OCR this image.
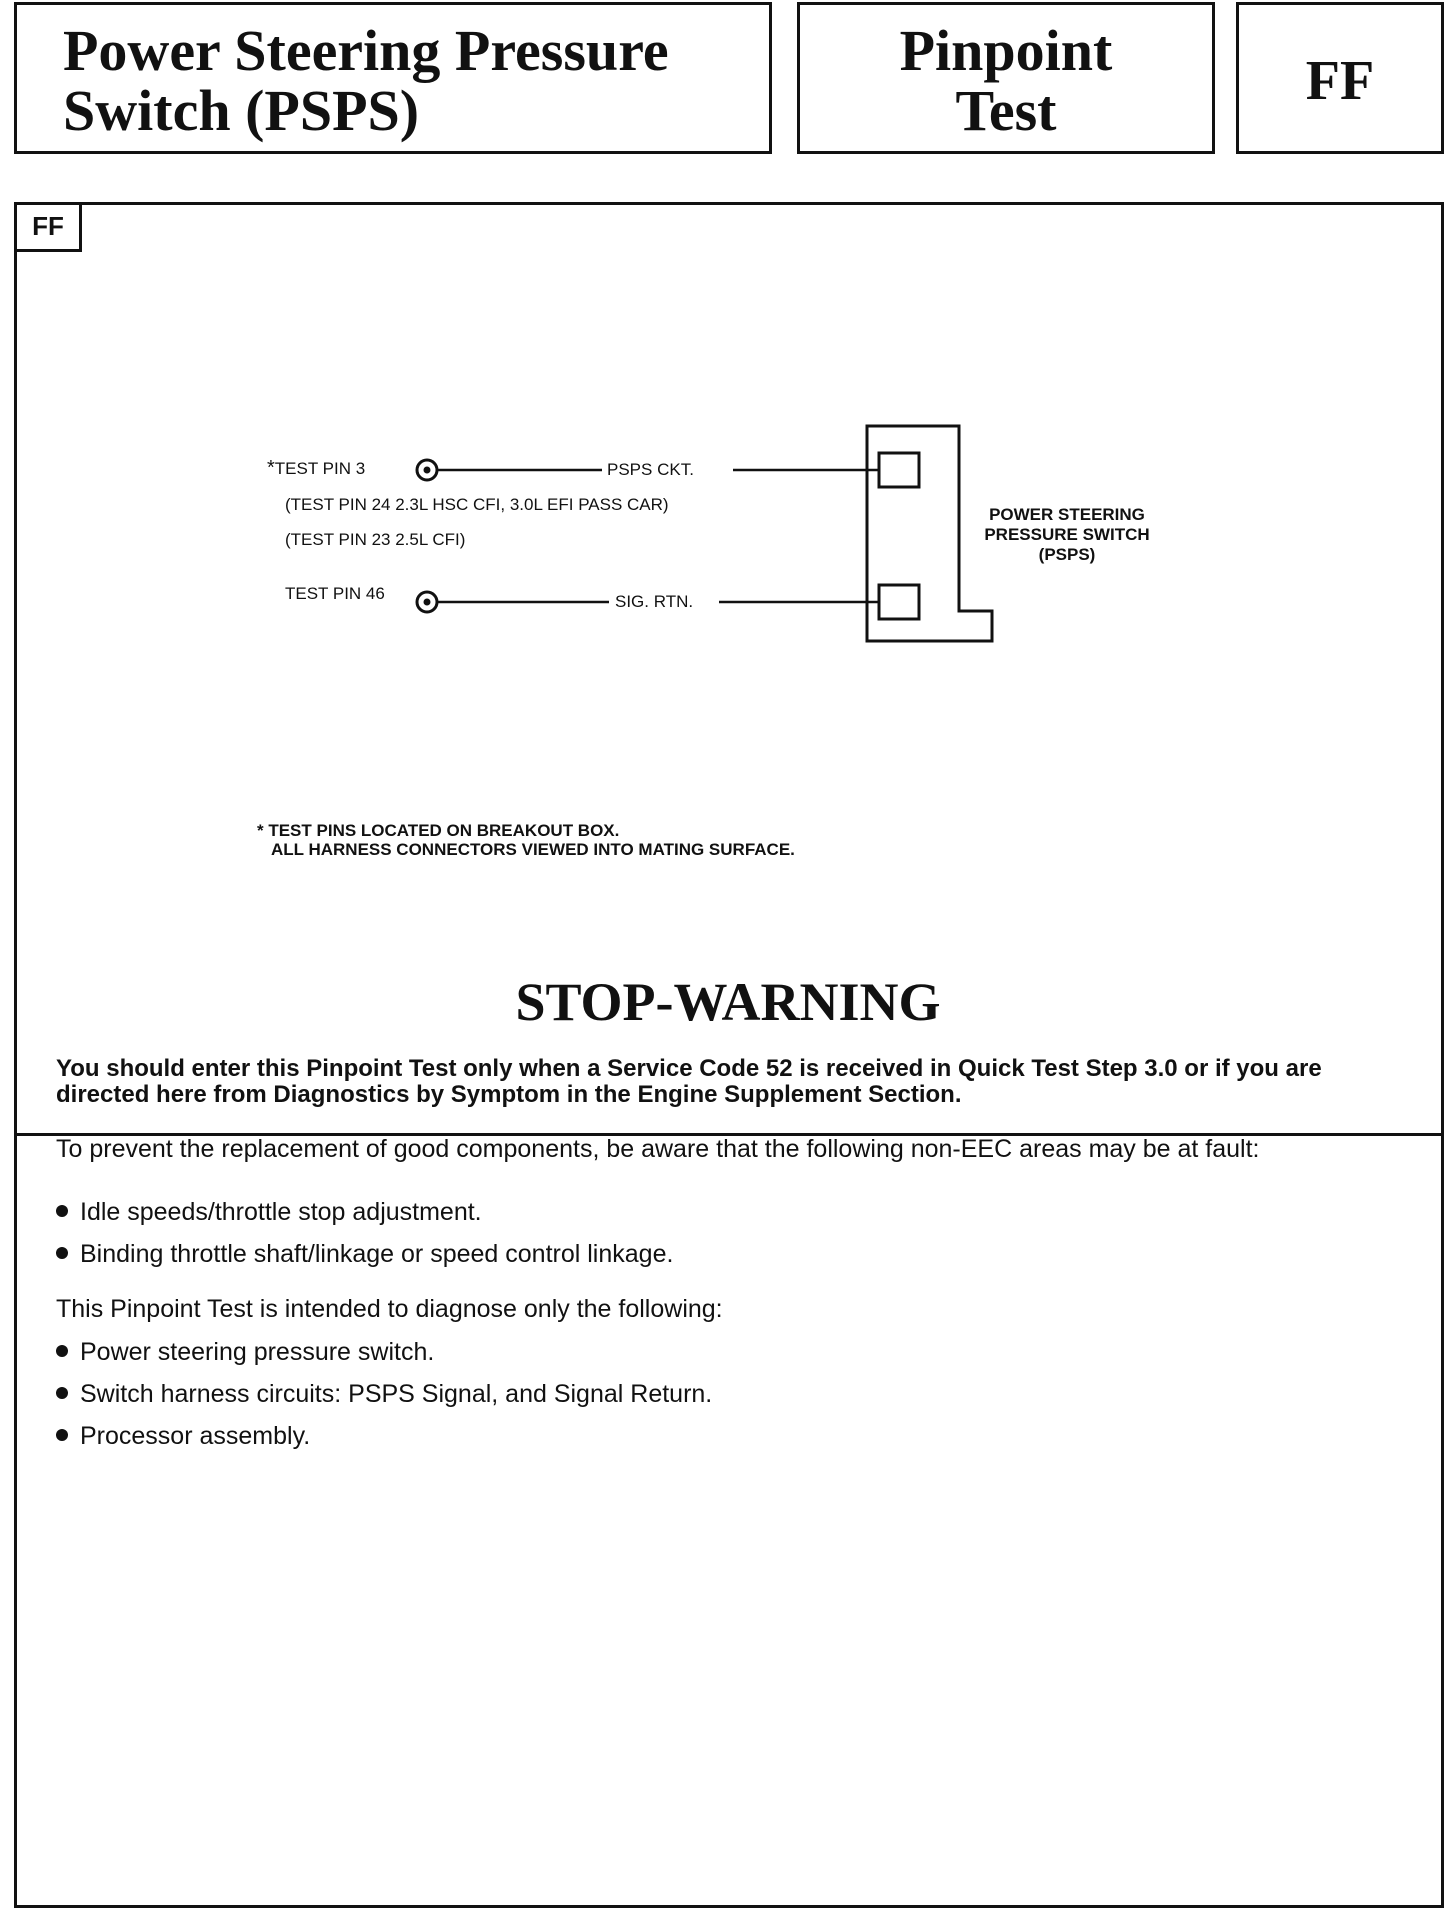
Power Steering Pressure
Switch (PSPS)
Pinpoint
Test	FF
FF
*TEST PIN 3	PSPS CKT.
(TEST PIN 24 2.3L HSC CFI, 3.0L EFI PASS CAR)
(TEST PIN 23 2.5L CFI)
TEST PIN 46	SIG. RTN.
POWER STEERING
PRESSURE SWITCH
(PSPS)
* TEST PINS LOCATED ON BREAKOUT BOX.
ALL HARNESS CONNECTORS VIEWED INTO MATING SURFACE.
STOP-WARNING
You should enter this Pinpoint Test only when a Service Code 52 is received in Quick Test Step 3.0 or if you are directed here from Diagnostics by Symptom in the Engine Supplement Section.
To prevent the replacement of good components, be aware that the following non-EEC areas may be at fault:
Idle speeds/throttle stop adjustment.
Binding throttle shaft/linkage or speed control linkage.
This Pinpoint Test is intended to diagnose only the following:
Power steering pressure switch.
Switch harness circuits: PSPS Signal, and Signal Return.
Processor assembly.
